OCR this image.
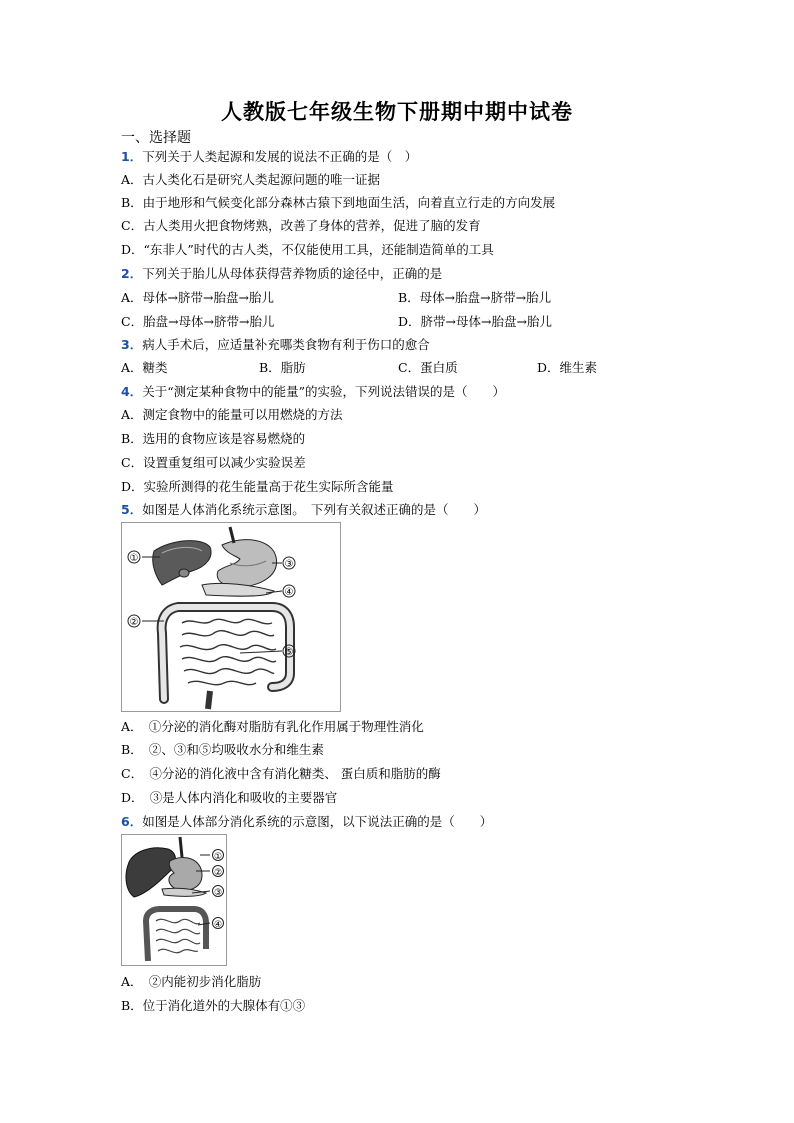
人教版七年级生物下册期中期中试卷
一、选择题
1．下列关于人类起源和发展的说法不正确的是（　）
A．古人类化石是研究人类起源问题的唯一证据
B．由于地形和气候变化部分森林古猿下到地面生活，向着直立行走的方向发展
C．古人类用火把食物烤熟，改善了身体的营养，促进了脑的发育
D．“东非人”时代的古人类，不仅能使用工具，还能制造简单的工具
2．下列关于胎儿从母体获得营养物质的途径中，正确的是
A．母体→脐带→胎盘→胎儿	B．母体→胎盘→脐带→胎儿
C．胎盘→母体→脐带→胎儿	D．脐带→母体→胎盘→胎儿
3．病人手术后，应适量补充哪类食物有利于伤口的愈合
A．糖类	B．脂肪	C．蛋白质	D．维生素
4．关于“测定某种食物中的能量”的实验，下列说法错误的是（　　）
A．测定食物中的能量可以用燃烧的方法
B．选用的食物应该是容易燃烧的
C．设置重复组可以减少实验误差
D．实验所测得的花生能量高于花生实际所含能量
5．如图是人体消化系统示意图。　下列有关叙述正确的是（　　）
①
②
③
④
⑤
A．　①分泌的消化酶对脂肪有乳化作用属于物理性消化
B．　②、③和⑤均吸收水分和维生素
C．　④分泌的消化液中含有消化糖类、 蛋白质和脂肪的酶
D．　③是人体内消化和吸收的主要器官
6．如图是人体部分消化系统的示意图，以下说法正确的是（　　）
①
②
③
④
A．　②内能初步消化脂肪
B．位于消化道外的大腺体有①③
